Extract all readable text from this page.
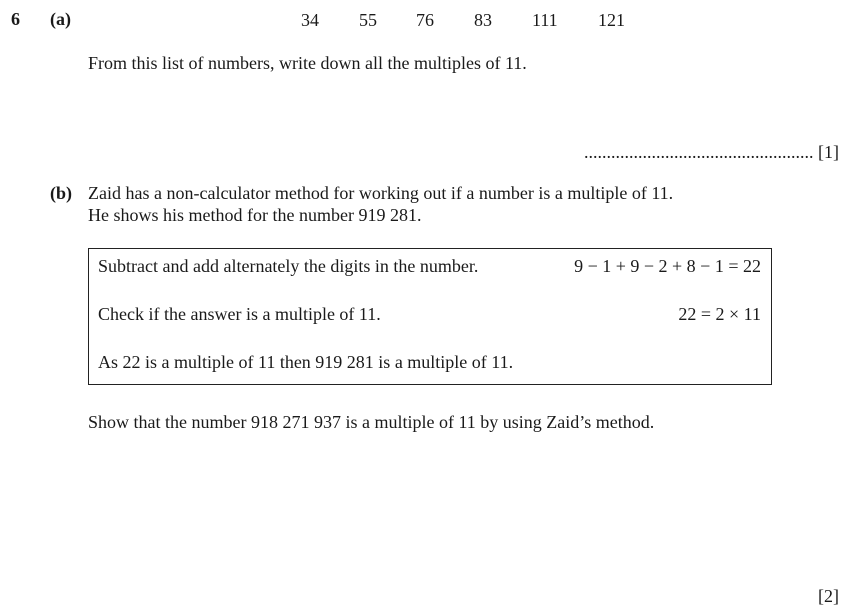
6 (a)	34 55 76 83 111 121
From this list of numbers, write down all the multiples of 11.
................................................... [1]
(b) Zaid has a non-calculator method for working out if a number is a multiple of 11.
He shows his method for the number 919 281.
Subtract and add alternately the digits in the number.	9 − 1 + 9 − 2 + 8 − 1 = 22
Check if the answer is a multiple of 11.	22 = 2 × 11
As 22 is a multiple of 11 then 919 281 is a multiple of 11.
Show that the number 918 271 937 is a multiple of 11 by using Zaid’s method.
[2]
